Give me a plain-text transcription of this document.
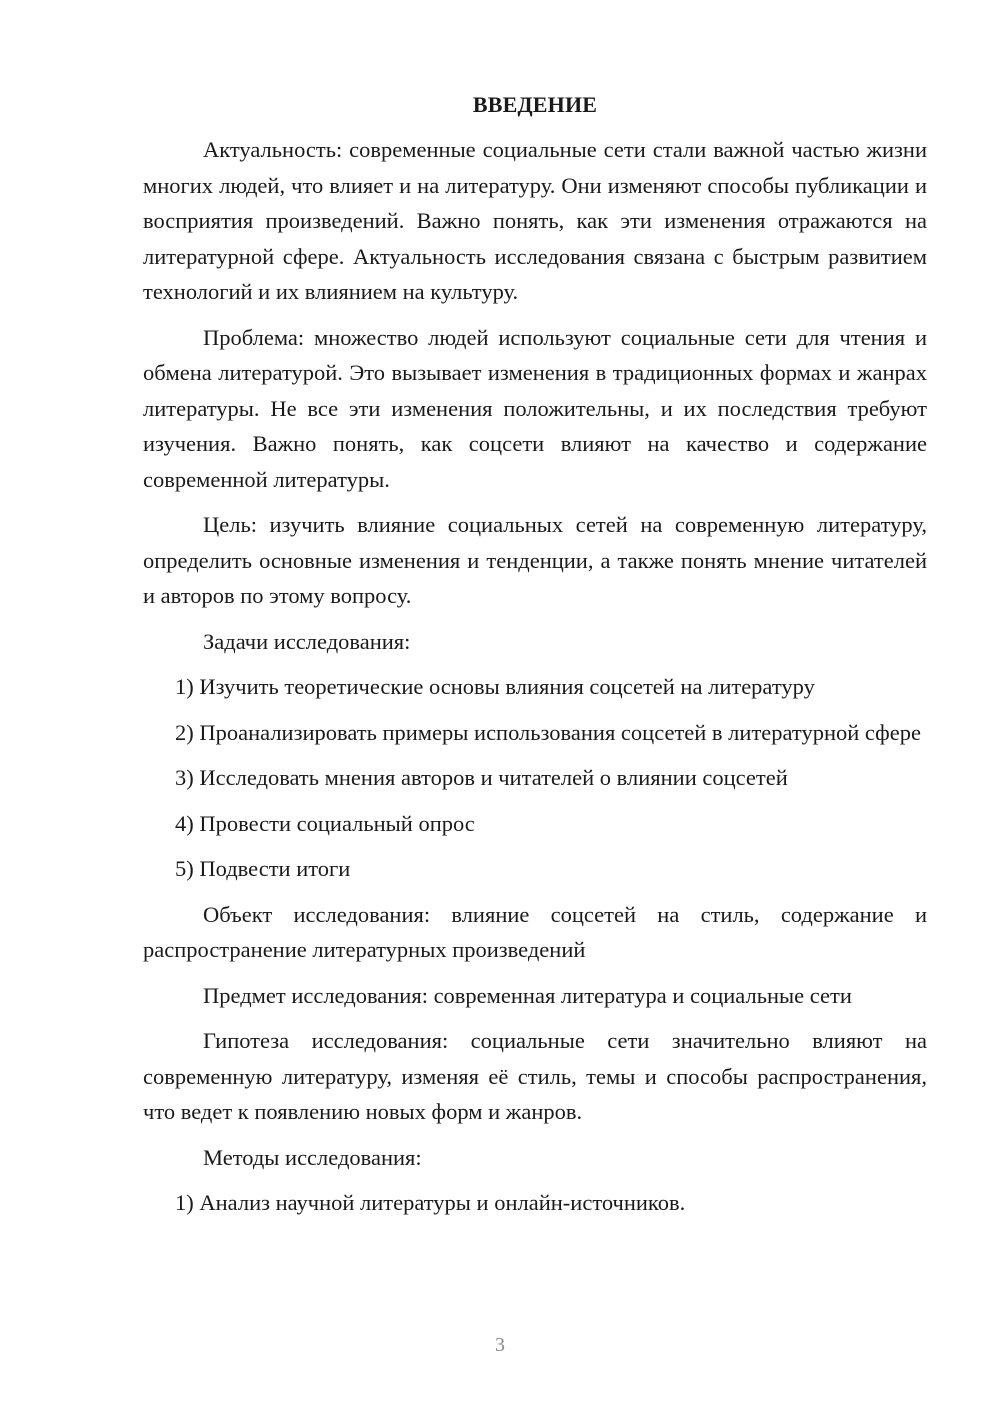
ВВЕДЕНИЕ

Актуальность: современные социальные сети стали важной частью жизни многих людей, что влияет и на литературу. Они изменяют способы публикации и восприятия произведений. Важно понять, как эти изменения отражаются на литературной сфере. Актуальность исследования связана с быстрым развитием технологий и их влиянием на культуру.

Проблема: множество людей используют социальные сети для чтения и обмена литературой. Это вызывает изменения в традиционных формах и жанрах литературы. Не все эти изменения положительны, и их последствия требуют изучения. Важно понять, как соцсети влияют на качество и содержание современной литературы.

Цель: изучить влияние социальных сетей на современную литературу, определить основные изменения и тенденции, а также понять мнение читателей и авторов по этому вопросу.

Задачи исследования:

1) Изучить теоретические основы влияния соцсетей на литературу

2) Проанализировать примеры использования соцсетей в литературной сфере

3) Исследовать мнения авторов и читателей о влиянии соцсетей

4) Провести социальный опрос

5) Подвести итоги

Объект исследования: влияние соцсетей на стиль, содержание и распространение литературных произведений

Предмет исследования: современная литература и социальные сети

Гипотеза исследования: социальные сети значительно влияют на современную литературу, изменяя её стиль, темы и способы распространения, что ведет к появлению новых форм и жанров.

Методы исследования:

1) Анализ научной литературы и онлайн-источников.

3
